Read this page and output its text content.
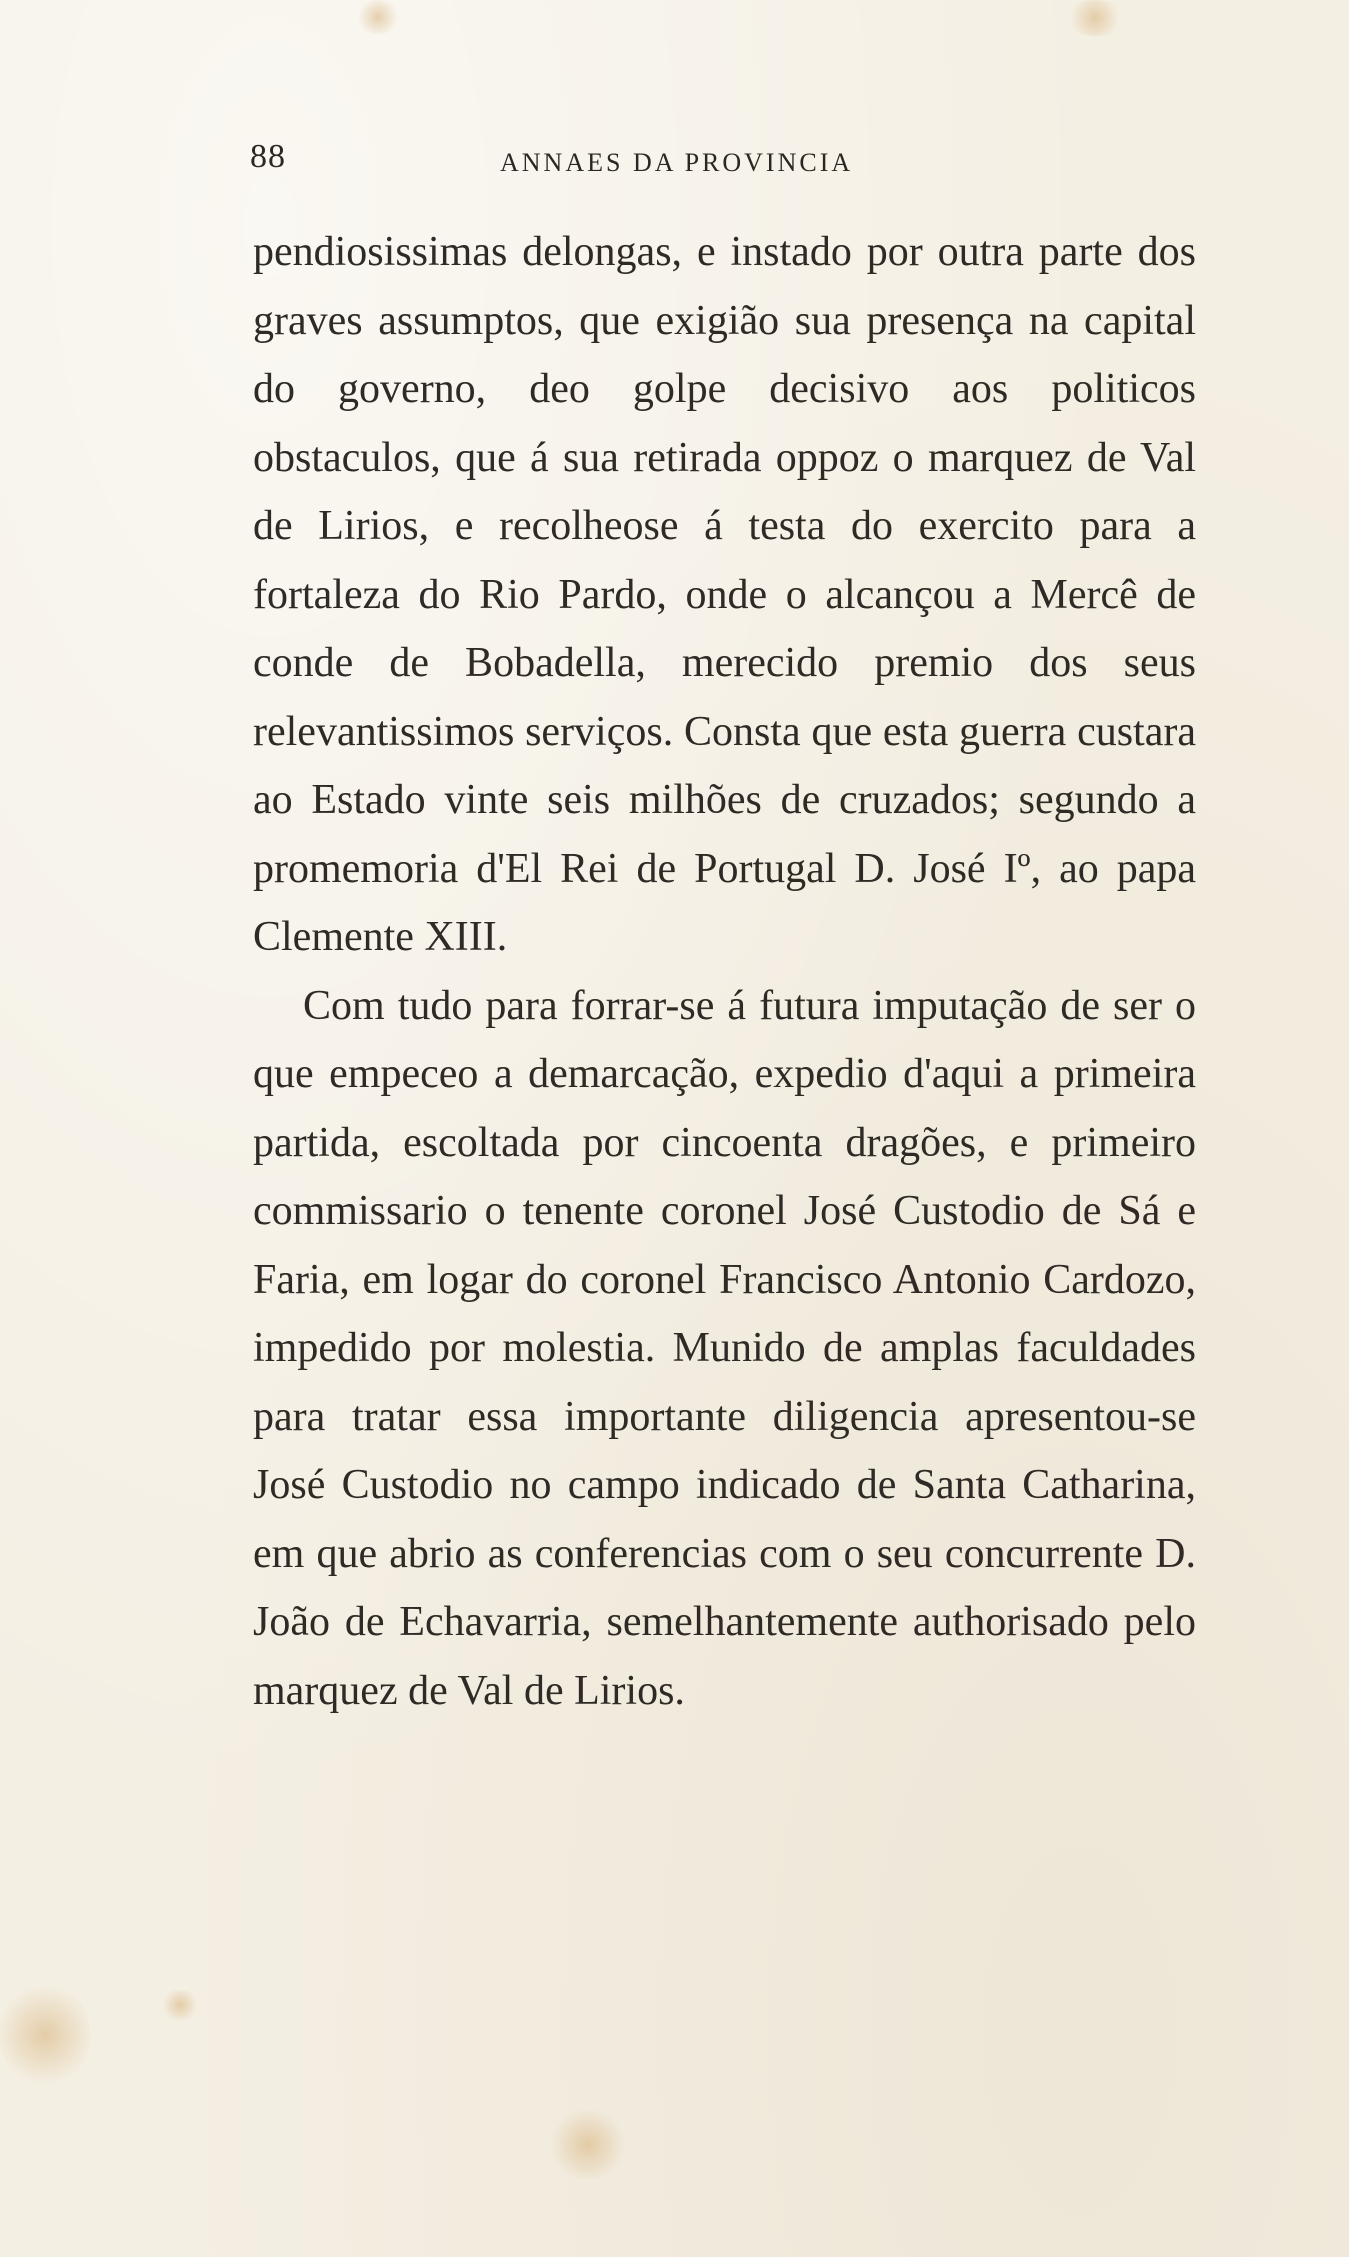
88	ANNAES DA PROVINCIA

pendiosissimas delongas, e instado por outra parte dos graves assumptos, que exigião sua presença na capital do governo, deo golpe decisivo aos politicos obstaculos, que á sua retirada oppoz o marquez de Val de Lirios, e recolheose á testa do exercito para a fortaleza do Rio Pardo, onde o alcançou a Mercê de conde de Bobadella, merecido premio dos seus relevantissimos serviços. Consta que esta guerra custara ao Estado vinte seis milhões de cruzados; segundo a promemoria d'El Rei de Portugal D. José Iº, ao papa Clemente XIII.

Com tudo para forrar-se á futura imputação de ser o que empeceo a demarcação, expedio d'aqui a primeira partida, escoltada por cincoenta dragões, e primeiro commissario o tenente coronel José Custodio de Sá e Faria, em logar do coronel Francisco Antonio Cardozo, impedido por molestia. Munido de amplas faculdades para tratar essa importante diligencia apresentou-se José Custodio no campo indicado de Santa Catharina, em que abrio as conferencias com o seu concurrente D. João de Echavarria, semelhantemente authorisado pelo marquez de Val de Lirios.
